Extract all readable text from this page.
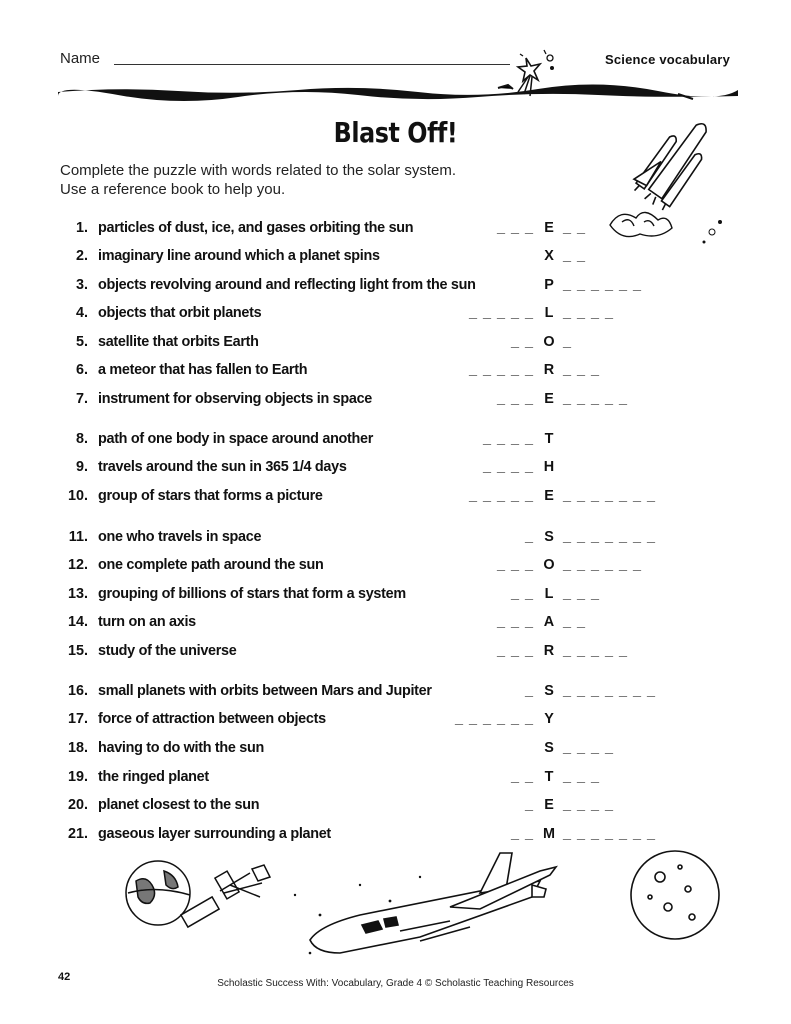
Name	Science vocabulary
Blast Off!
Complete the puzzle with words related to the solar system.
Use a reference book to help you.
1. particles of dust, ice, and gases orbiting the sun	_ _ _ E _ _
2. imaginary line around which a planet spins	X _ _
3. objects revolving around and reflecting light from the sun	P _ _ _ _ _ _
4. objects that orbit planets	_ _ _ _ _ L _ _ _ _
5. satellite that orbits Earth	_ _ O _
6. a meteor that has fallen to Earth	_ _ _ _ _ R _ _ _
7. instrument for observing objects in space	_ _ _ E _ _ _ _ _
8. path of one body in space around another	_ _ _ _ T
9. travels around the sun in 365 1/4 days	_ _ _ _ H
10. group of stars that forms a picture	_ _ _ _ _ E _ _ _ _ _ _ _
11. one who travels in space	_ S _ _ _ _ _ _ _
12. one complete path around the sun	_ _ _ O _ _ _ _ _ _
13. grouping of billions of stars that form a system	_ _ L _ _ _
14. turn on an axis	_ _ _ A _ _
15. study of the universe	_ _ _ R _ _ _ _ _
16. small planets with orbits between Mars and Jupiter	_ S _ _ _ _ _ _ _
17. force of attraction between objects	_ _ _ _ _ _ Y
18. having to do with the sun	S _ _ _ _
19. the ringed planet	_ _ T _ _ _
20. planet closest to the sun	_ E _ _ _ _
21. gaseous layer surrounding a planet	_ _ M _ _ _ _ _ _ _
42
Scholastic Success With: Vocabulary, Grade 4 © Scholastic Teaching Resources
